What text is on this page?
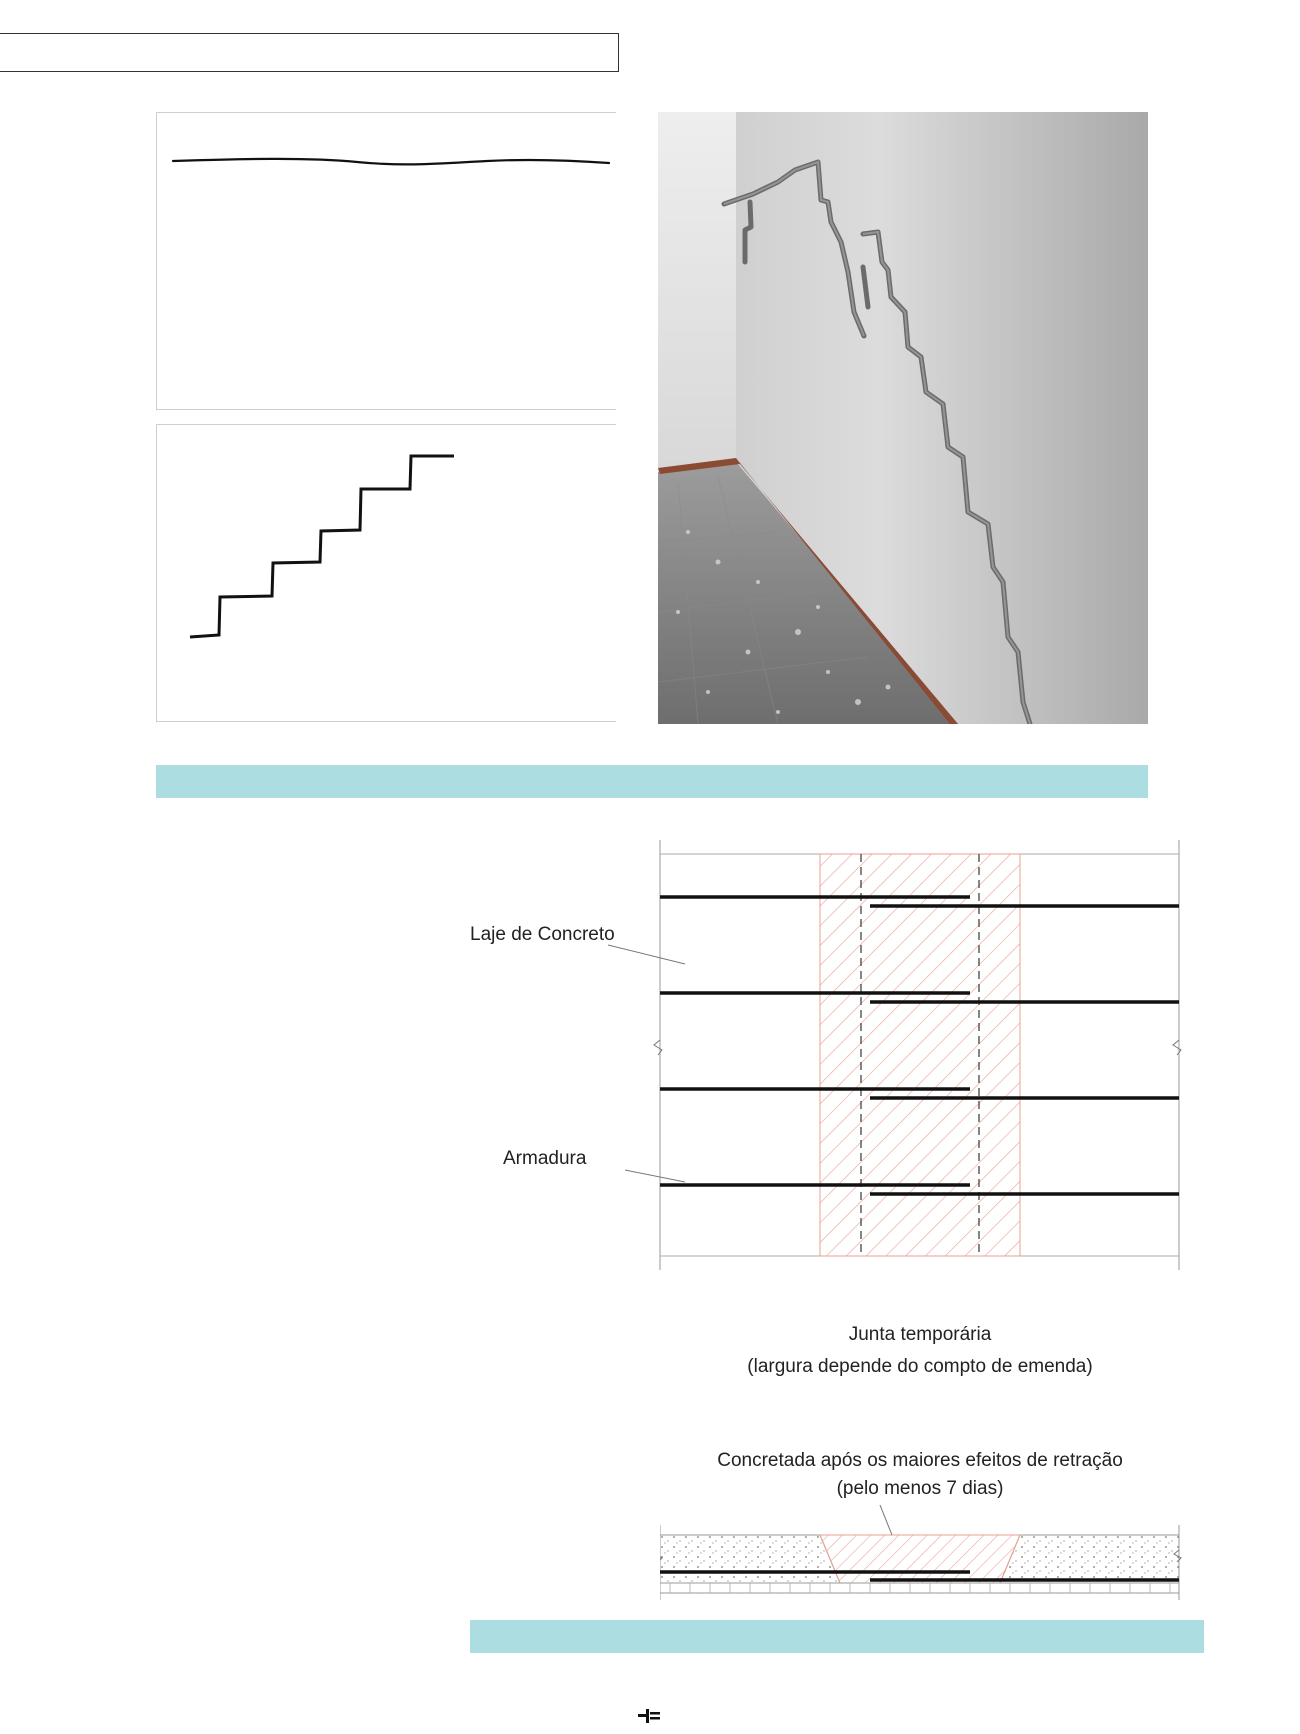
Laje de Concreto
Armadura
Junta temporária
(largura depende do compto de emenda)
Concretada após os maiores efeitos de retração
(pelo menos 7 dias)
